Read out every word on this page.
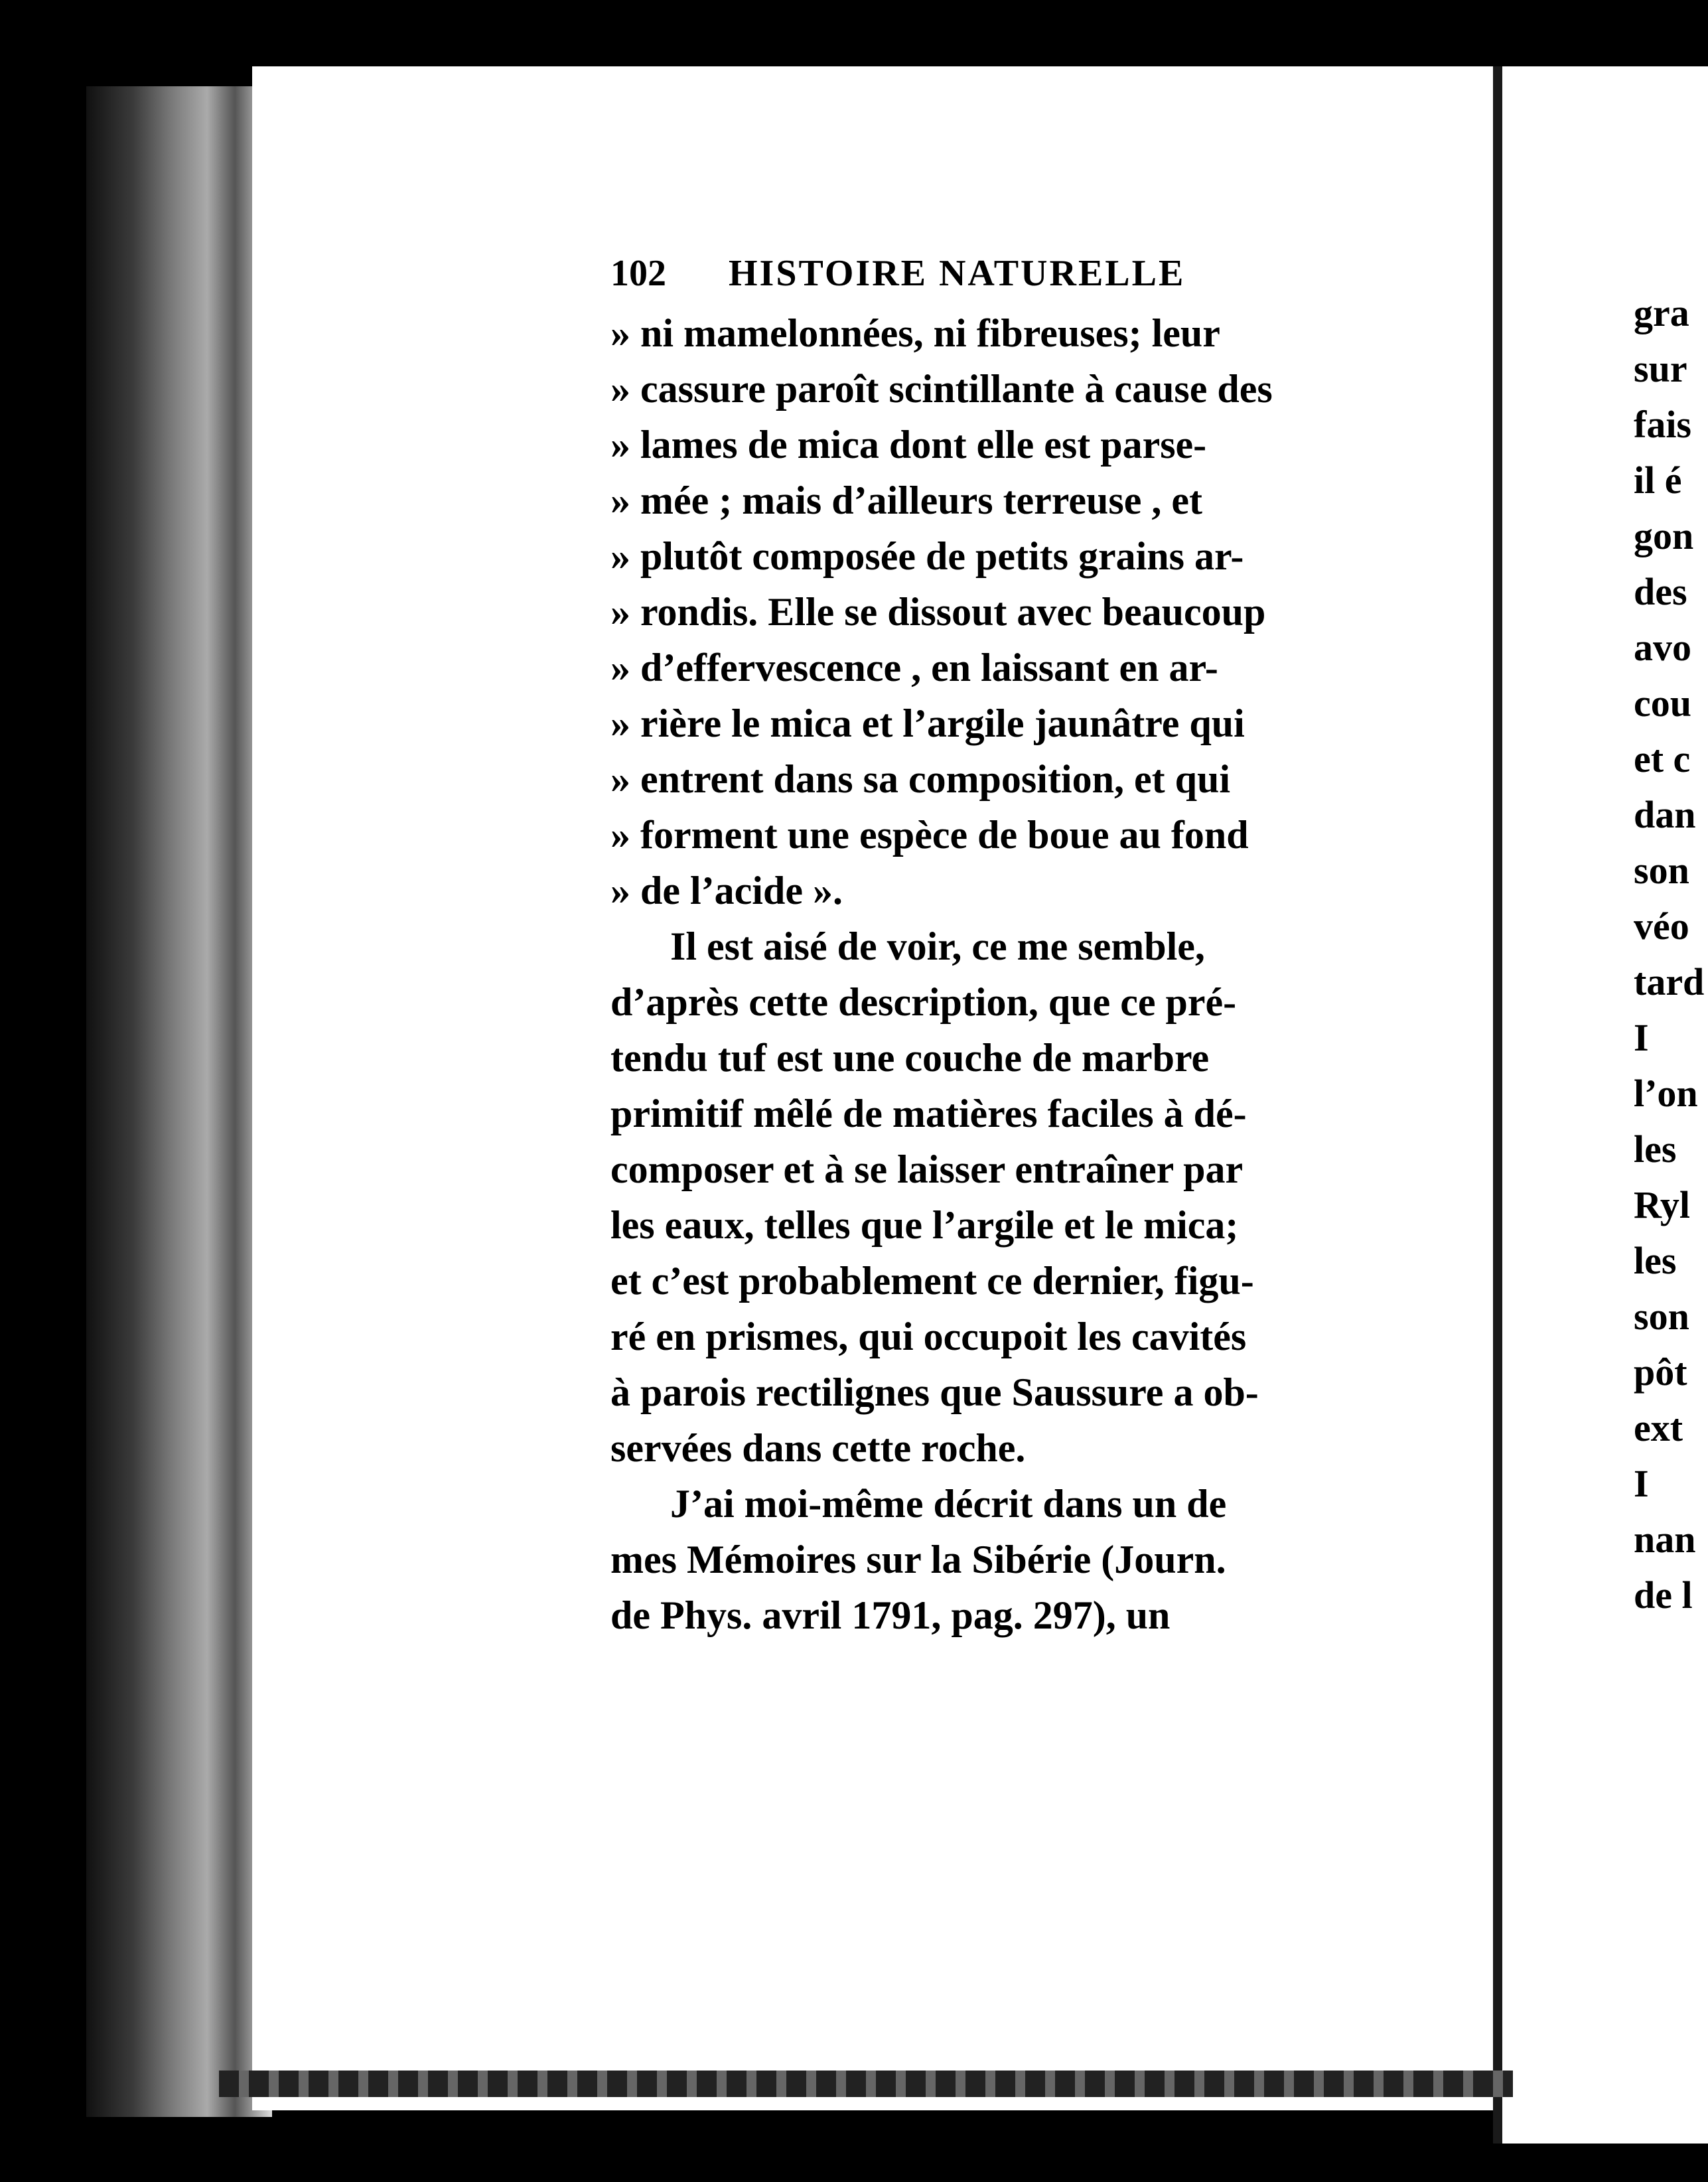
102 HISTOIRE NATURELLE
» ni mamelonnées, ni fibreuses; leur
» cassure paroît scintillante à cause des
» lames de mica dont elle est parse-
» mée ; mais d’ailleurs terreuse , et
» plutôt composée de petits grains ar-
» rondis. Elle se dissout avec beaucoup
» d’effervescence , en laissant en ar-
» rière le mica et l’argile jaunâtre qui
» entrent dans sa composition, et qui
» forment une espèce de boue au fond
» de l’acide ».
Il est aisé de voir, ce me semble,
d’après cette description, que ce pré-
tendu tuf est une couche de marbre
primitif mêlé de matières faciles à dé-
composer et à se laisser entraîner par
les eaux, telles que l’argile et le mica;
et c’est probablement ce dernier, figu-
ré en prismes, qui occupoit les cavités
à parois rectilignes que Saussure a ob-
servées dans cette roche.
J’ai moi-même décrit dans un de
mes Mémoires sur la Sibérie (Journ.
de Phys. avril 1791, pag. 297), un
gra
sur
fais
il é
gon
des
avo
cou
et c
dan
son
véo
tard
I
l’on
les
Ryl
les
son
pôt
ext
I
nan
de l
